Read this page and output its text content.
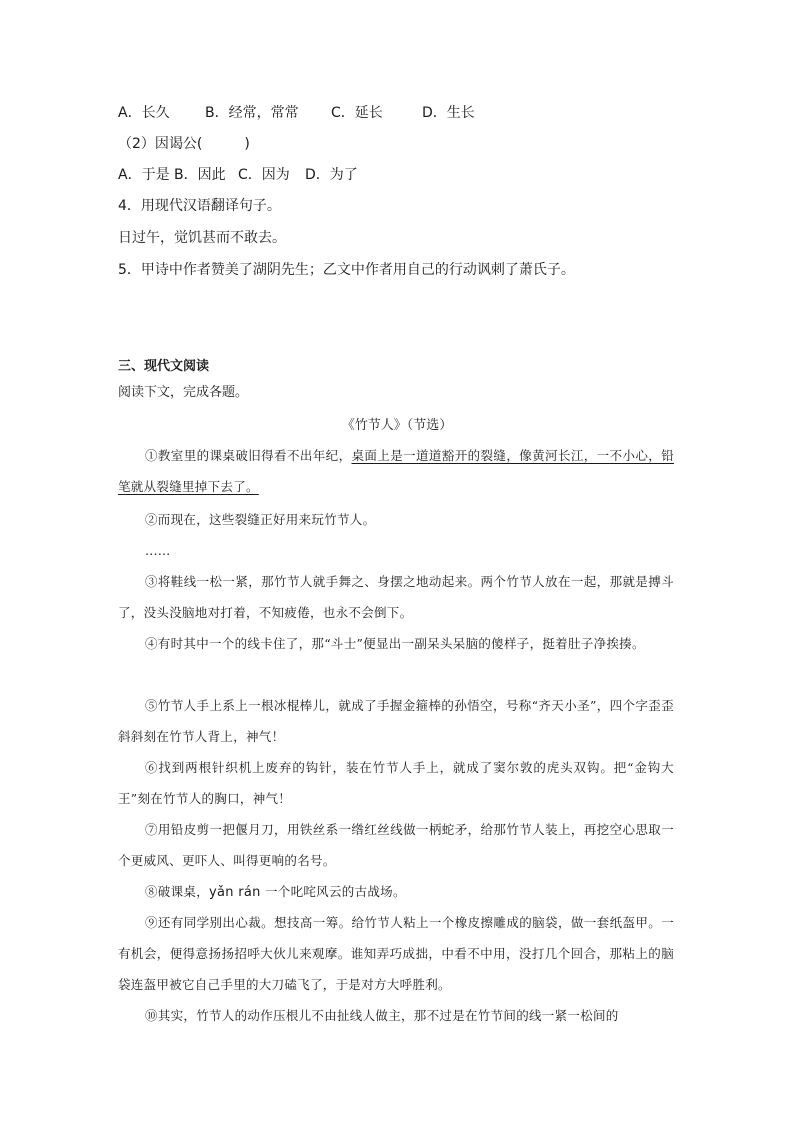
A．长久	B．经常，常常 C．延长	D．生长
（2）因谒公(　　　)
A．于是 B．因此 C．因为 D．为了
4．用现代汉语翻译句子。
日过午，觉饥甚而不敢去。
5．甲诗中作者赞美了湖阴先生；乙文中作者用自己的行动讽刺了萧氏子。
三、现代文阅读
阅读下文，完成各题。
《竹节人》（节选）
①教室里的课桌破旧得看不出年纪，桌面上是一道道豁开的裂缝，像黄河长江，一不小心，铅笔就从裂缝里掉下去了。
②而现在，这些裂缝正好用来玩竹节人。
……
③将鞋线一松一紧，那竹节人就手舞之、身摆之地动起来。两个竹节人放在一起，那就是搏斗了，没头没脑地对打着，不知疲倦，也永不会倒下。
④有时其中一个的线卡住了，那“斗士”便显出一副呆头呆脑的傻样子，挺着肚子净挨揍。
⑤竹节人手上系上一根冰棍棒儿，就成了手握金箍棒的孙悟空，号称“齐天小圣”，四个字歪歪斜斜刻在竹节人背上，神气！
⑥找到两根针织机上废弃的钩针，装在竹节人手上，就成了窦尔敦的虎头双钩。把“金钩大王”刻在竹节人的胸口，神气！
⑦用铅皮剪一把偃月刀，用铁丝系一绺红丝线做一柄蛇矛，给那竹节人装上，再挖空心思取一个更威风、更吓人、叫得更响的名号。
⑧破课桌，yǎn rán 一个叱咤风云的古战场。
⑨还有同学别出心裁。想技高一筹。给竹节人粘上一个橡皮擦雕成的脑袋，做一套纸盔甲。一有机会，便得意扬扬招呼大伙儿来观摩。谁知弄巧成拙，中看不中用，没打几个回合，那粘上的脑袋连盔甲被它自己手里的大刀磕飞了，于是对方大呼胜利。
⑩其实，竹节人的动作压根儿不由扯线人做主，那不过是在竹节间的线一紧一松间的
